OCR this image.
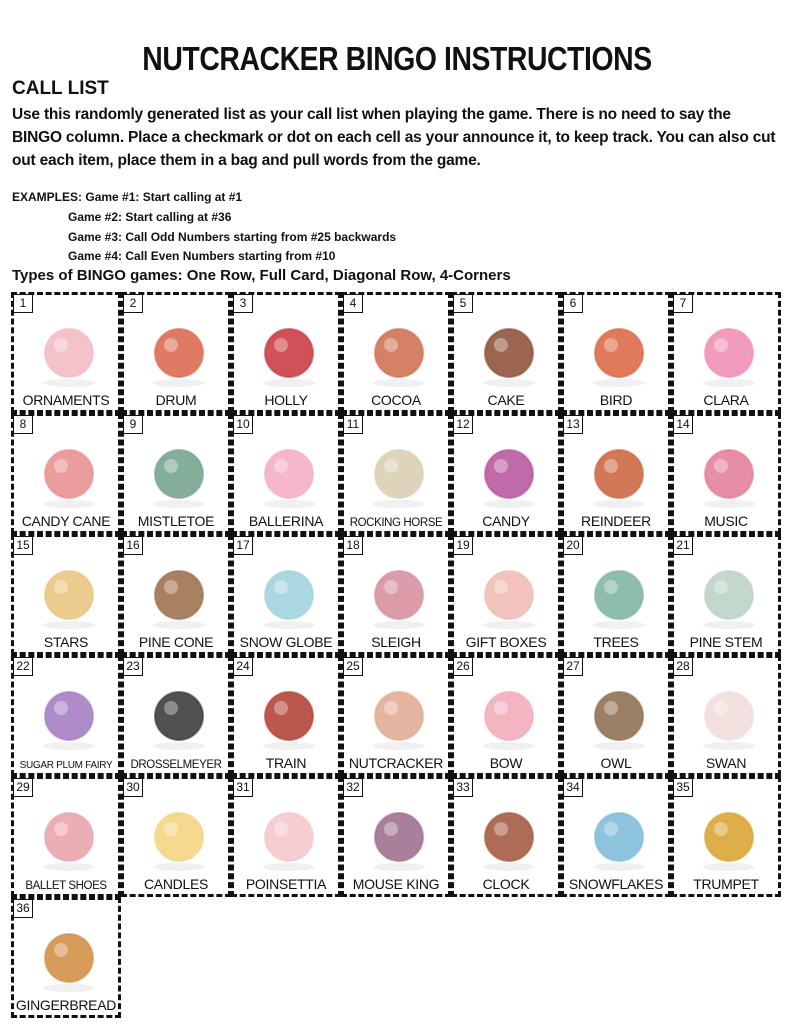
NUTCRACKER BINGO INSTRUCTIONS
CALL LIST
Use this randomly generated list as your call list when playing the game. There is no need to say the BINGO column. Place a checkmark or dot on each cell as your announce it, to keep track. You can also cut out each item, place them in a bag and pull words from the game.
EXAMPLES: Game #1: Start calling at #1
Game #2: Start calling at #36
Game #3: Call Odd Numbers starting from #25 backwards
Game #4: Call Even Numbers starting from #10
Types of BINGO games: One Row, Full Card, Diagonal Row, 4-Corners
1
ORNAMENTS
2
DRUM
3
HOLLY
4
COCOA
5
CAKE
6
BIRD
7
CLARA
8
CANDY CANE
9
MISTLETOE
10
BALLERINA
11
ROCKING HORSE
12
CANDY
13
REINDEER
14
MUSIC
15
STARS
16
PINE CONE
17
SNOW GLOBE
18
SLEIGH
19
GIFT BOXES
20
TREES
21
PINE STEM
22
SUGAR PLUM FAIRY
23
DROSSELMEYER
24
TRAIN
25
NUTCRACKER
26
BOW
27
OWL
28
SWAN
29
BALLET SHOES
30
CANDLES
31
POINSETTIA
32
MOUSE KING
33
CLOCK
34
SNOWFLAKES
35
TRUMPET
36
GINGERBREAD
